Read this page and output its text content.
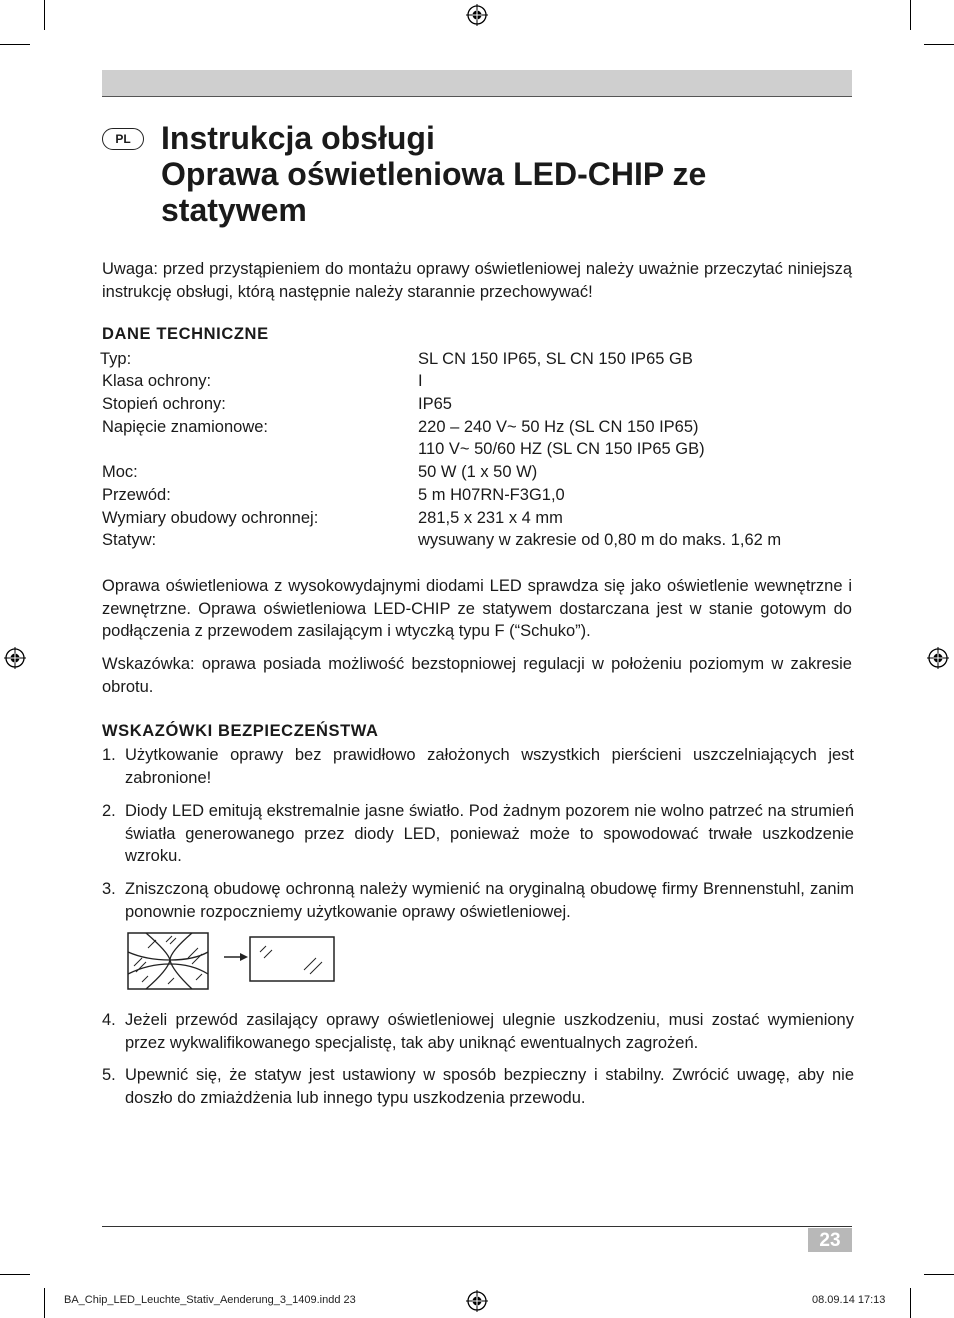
PL Instrukcja obsługi
Oprawa oświetleniowa LED-CHIP ze
statywem
Uwaga: przed przystąpieniem do montażu oprawy oświetleniowej należy uważnie przeczytać niniejszą instrukcję obsługi, którą następnie należy starannie przechowywać!
DANE TECHNICZNE
Typ:	SL CN 150 IP65, SL CN 150 IP65 GB
Klasa ochrony:	I
Stopień ochrony:	IP65
Napięcie znamionowe:	220 – 240 V~ 50 Hz (SL CN 150 IP65)
110 V~ 50/60 HZ (SL CN 150 IP65 GB)
Moc:	50 W (1 x 50 W)
Przewód:	5 m H07RN-F3G1,0
Wymiary obudowy ochronnej:	281,5 x 231 x 4 mm
Statyw:	wysuwany w zakresie od 0,80 m do maks. 1,62 m
Oprawa oświetleniowa z wysokowydajnymi diodami LED sprawdza się jako oświetlenie wewnętrzne i zewnętrzne. Oprawa oświetleniowa LED-CHIP ze statywem dostarczana jest w stanie gotowym do podłączenia z przewodem zasilającym i wtyczką typu F (“Schuko”).
Wskazówka: oprawa posiada możliwość bezstopniowej regulacji w położeniu poziomym w zakresie obrotu.
WSKAZÓWKI BEZPIECZEŃSTWA
1. Użytkowanie oprawy bez prawidłowo założonych wszystkich pierścieni uszczelniających jest zabronione!
2. Diody LED emitują ekstremalnie jasne światło. Pod żadnym pozorem nie wolno patrzeć na strumień światła generowanego przez diody LED, ponieważ może to spowodować trwałe uszkodzenie wzroku.
3. Zniszczoną obudowę ochronną należy wymienić na oryginalną obudowę firmy Brennenstuhl, zanim ponownie rozpoczniemy użytkowanie oprawy oświetleniowej.
4. Jeżeli przewód zasilający oprawy oświetleniowej ulegnie uszkodzeniu, musi zostać wymieniony przez wykwalifikowanego specjalistę, tak aby uniknąć ewentualnych zagrożeń.
5. Upewnić się, że statyw jest ustawiony w sposób bezpieczny i stabilny. Zwrócić uwagę, aby nie doszło do zmiażdżenia lub innego typu uszkodzenia przewodu.
23
BA_Chip_LED_Leuchte_Stativ_Aenderung_3_1409.indd 23	08.09.14 17:13
